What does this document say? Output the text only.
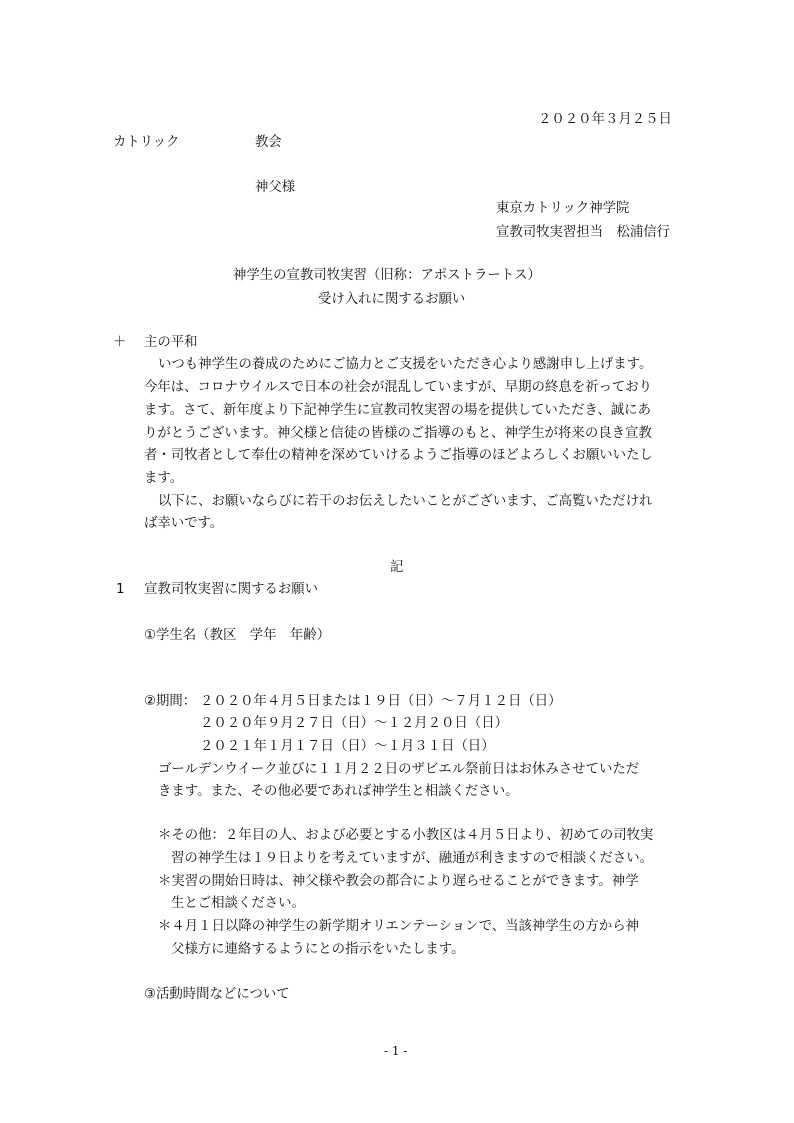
２０２０年３月２５日
カトリック	教会
神父様
東京カトリック神学院
宣教司牧実習担当　松浦信行
神学生の宣教司牧実習（旧称：アポストラートス）
受け入れに関するお願い
＋ 主の平和
いつも神学生の養成のためにご協力とご支援をいただき心より感謝申し上げます。
今年は、コロナウイルスで日本の社会が混乱していますが、早期の終息を祈っており
ます。さて、新年度より下記神学生に宣教司牧実習の場を提供していただき、誠にあ
りがとうございます。神父様と信徒の皆様のご指導のもと、神学生が将来の良き宣教
者・司牧者として奉仕の精神を深めていけるようご指導のほどよろしくお願いいたし
ます。
以下に、お願いならびに若干のお伝えしたいことがございます、ご高覧いただけれ
ば幸いです。
記
1 宣教司牧実習に関するお願い
①学生名（教区　学年　年齢）
②期間： ２０２０年４月５日または１９日（日）～７月１２日（日）
２０２０年９月２７日（日）～１２月２０日（日）
２０２１年１月１７日（日）～１月３１日（日）
ゴールデンウイーク並びに１１月２２日のザビエル祭前日はお休みさせていただ
きます。また、その他必要であれば神学生と相談ください。
＊その他：２年目の人、および必要とする小教区は４月５日より、初めての司牧実
習の神学生は１９日よりを考えていますが、融通が利きますので相談ください。
＊実習の開始日時は、神父様や教会の都合により遅らせることができます。神学
生とご相談ください。
＊４月１日以降の神学生の新学期オリエンテーションで、当該神学生の方から神
父様方に連絡するようにとの指示をいたします。
③活動時間などについて
- 1 -
